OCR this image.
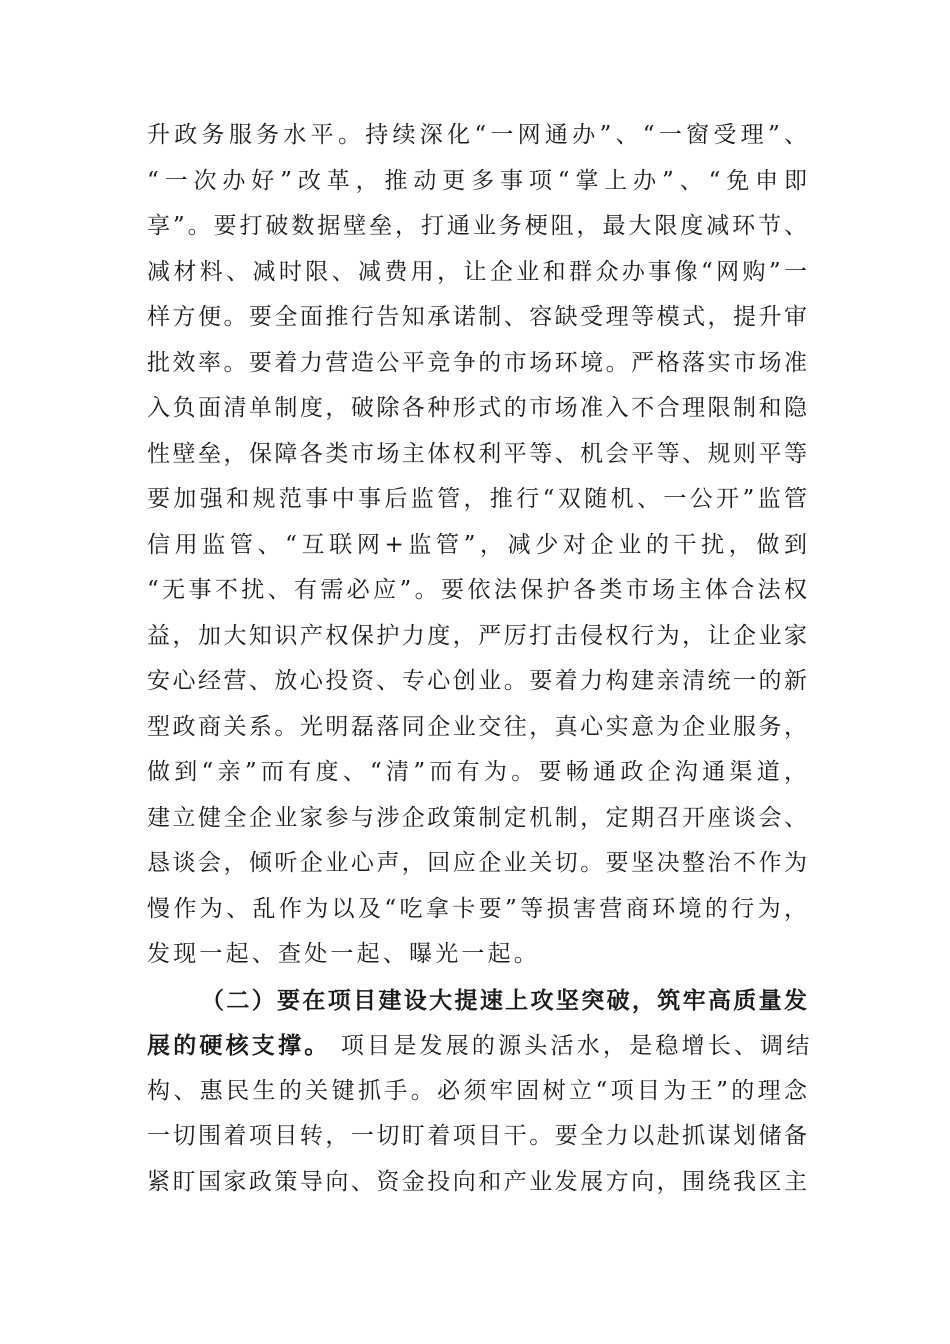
升政务服务水平。持续深化“一网通办”、“一窗受理”、
“一次办好”改革，推动更多事项“掌上办”、“免申即
享”。要打破数据壁垒，打通业务梗阻，最大限度减环节、
减材料、减时限、减费用，让企业和群众办事像“网购”一
样方便。要全面推行告知承诺制、容缺受理等模式，提升审
批效率。要着力营造公平竞争的市场环境。严格落实市场准
入负面清单制度，破除各种形式的市场准入不合理限制和隐
性壁垒，保障各类市场主体权利平等、机会平等、规则平等
要加强和规范事中事后监管，推行“双随机、一公开”监管
信用监管、“互联网+监管”，减少对企业的干扰，做到
“无事不扰、有需必应”。要依法保护各类市场主体合法权
益，加大知识产权保护力度，严厉打击侵权行为，让企业家
安心经营、放心投资、专心创业。要着力构建亲清统一的新
型政商关系。光明磊落同企业交往，真心实意为企业服务，
做到“亲”而有度、“清”而有为。要畅通政企沟通渠道，
建立健全企业家参与涉企政策制定机制，定期召开座谈会、
恳谈会，倾听企业心声，回应企业关切。要坚决整治不作为
慢作为、乱作为以及“吃拿卡要”等损害营商环境的行为，
发现一起、查处一起、曝光一起。
（二）要在项目建设大提速上攻坚突破，筑牢高质量发
展的硬核支撑。 项目是发展的源头活水，是稳增长、调结
构、惠民生的关键抓手。必须牢固树立“项目为王”的理念
一切围着项目转，一切盯着项目干。要全力以赴抓谋划储备
紧盯国家政策导向、资金投向和产业发展方向，围绕我区主
